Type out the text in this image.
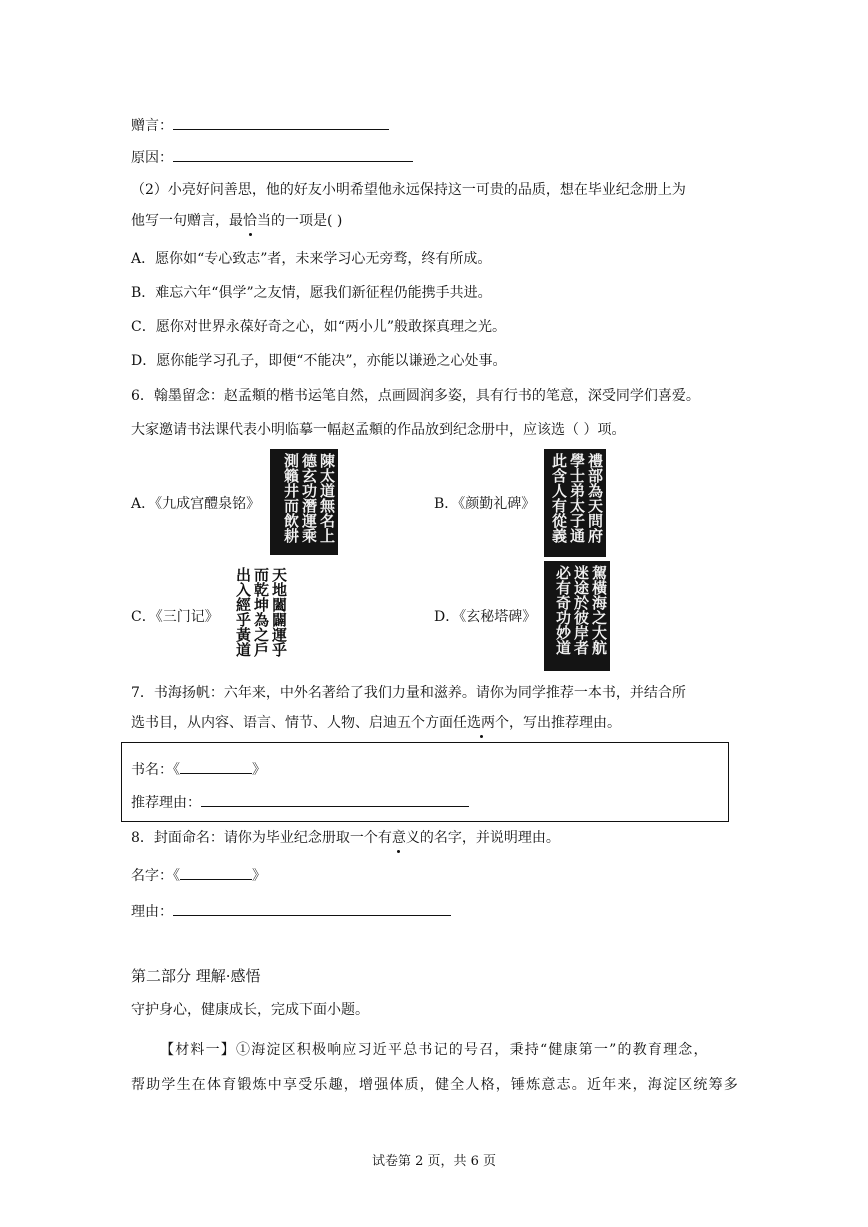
赠言：
原因：
（2）小亮好问善思，他的好友小明希望他永远保持这一可贵的品质，想在毕业纪念册上为
他写一句赠言，最恰当的一项是( )
A．愿你如“专心致志”者，未来学习心无旁骛，终有所成。
B．难忘六年“俱学”之友情，愿我们新征程仍能携手共进。
C．愿你对世界永葆好奇之心，如“两小儿”般敢探真理之光。
D．愿你能学习孔子，即便“不能决”，亦能以谦逊之心处事。
6．翰墨留念：赵孟頫的楷书运笔自然，点画圆润多姿，具有行书的笔意，深受同学们喜爱。
大家邀请书法课代表小明临摹一幅赵孟頫的作品放到纪念册中，应该选（ ）项。
A．《九成宫醴泉铭》	陳太道無名上
德玄功潛運乘
測籟井而飲耕	B．《颜勤礼碑》	禮部為天問府
學士弟太子通
此含人有從義
C．《三门记》	天地闔闢運乎
而乾坤為之戶
出入經乎黃道	D．《玄秘塔碑》	駕橫海之大航
迷途於彼岸者
必有奇功妙道
7．书海扬帆：六年来，中外名著给了我们力量和滋养。请你为同学推荐一本书，并结合所
选书目，从内容、语言、情节、人物、启迪五个方面任选两个，写出推荐理由。
书名：《	》
推荐理由：
8．封面命名：请你为毕业纪念册取一个有意义的名字，并说明理由。
名字：《	》
理由：
第二部分 理解·感悟
守护身心，健康成长，完成下面小题。
【材料一】①海淀区积极响应习近平总书记的号召，秉持“健康第一”的教育理念，
帮助学生在体育锻炼中享受乐趣，增强体质，健全人格，锤炼意志。近年来，海淀区统筹多
试卷第 2 页，共 6 页
